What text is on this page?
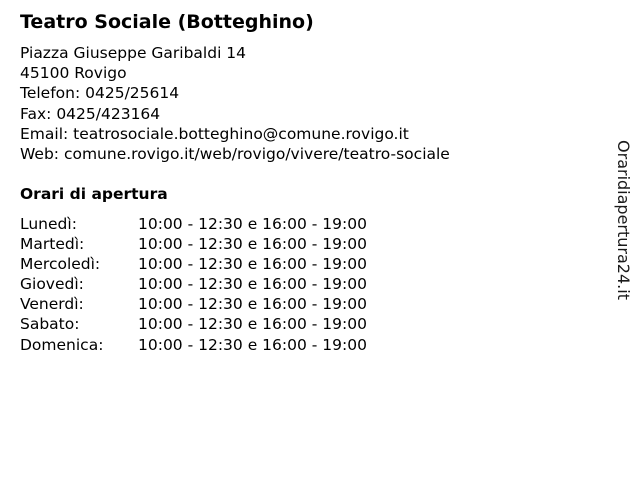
Teatro Sociale (Botteghino)
Piazza Giuseppe Garibaldi 14
45100 Rovigo
Telefon: 0425/25614
Fax: 0425/423164
Email: teatrosociale.botteghino@comune.rovigo.it
Web: comune.rovigo.it/web/rovigo/vivere/teatro-sociale
Orari di apertura
Lunedì:	10:00 - 12:30 e 16:00 - 19:00
Martedì:	10:00 - 12:30 e 16:00 - 19:00
Mercoledì: 10:00 - 12:30 e 16:00 - 19:00
Giovedì:	10:00 - 12:30 e 16:00 - 19:00
Venerdì:	10:00 - 12:30 e 16:00 - 19:00
Sabato:	10:00 - 12:30 e 16:00 - 19:00
Domenica: 10:00 - 12:30 e 16:00 - 19:00
Oraridiapertura24.it
